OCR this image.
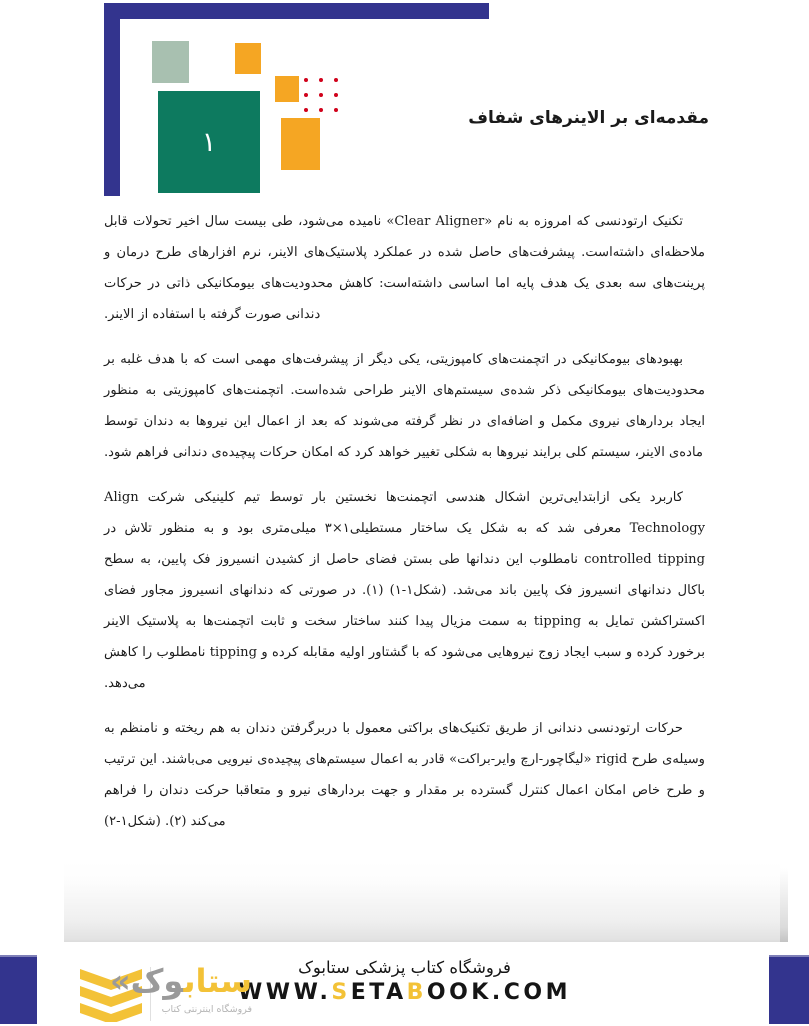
۱
مقدمه‌ای بر الاینرهای شفاف

تکنیک ارتودنسی که امروزه به نام «Clear Aligner» نامیده می‌شود، طی بیست سال اخیر تحولات قابل ملاحظه‌ای داشته‌است. پیشرفت‌های حاصل شده در عملکرد پلاستیک‌های الاینر، نرم افزارهای طرح درمان و پرینت‌های سه بعدی یک هدف پایه اما اساسی داشته‌است: کاهش محدودیت‌های بیومکانیکی ذاتی در حرکات دندانی صورت گرفته با استفاده از الاینر.

بهبودهای بیومکانیکی در اتچمنت‌های کامپوزیتی، یکی دیگر از پیشرفت‌های مهمی است که با هدف غلبه بر محدودیت‌های بیومکانیکی ذکر شده‌ی سیستم‌های الاینر طراحی شده‌است. اتچمنت‌های کامپوزیتی به منظور ایجاد بردارهای نیروی مکمل و اضافه‌ای در نظر گرفته می‌شوند که بعد از اعمال این نیروها به دندان توسط ماده‌ی الاینر، سیستم کلی برایند نیروها به شکلی تغییر خواهد کرد که امکان حرکات پیچیده‌ی دندانی فراهم شود.

کاربرد یکی ازابتدایی‌ترین اشکال هندسی اتچمنت‌ها نخستین بار توسط تیم کلینیکی شرکت Align Technology معرفی شد که به شکل یک ساختار مستطیلی۱×۳ میلی‌متری بود و به منظور تلاش در controlled tipping نامطلوب این دندانها طی بستن فضای حاصل از کشیدن انسیروز فک پایین، به سطح باکال دندانهای انسیروز فک پایین باند می‌شد. (شکل۱-۱) (۱). در صورتی که دندانهای انسیروز مجاور فضای اکستراکشن تمایل به tipping به سمت مزیال پیدا کنند ساختار سخت و ثابت اتچمنت‌ها به پلاستیک الاینر برخورد کرده و سبب ایجاد زوج نیروهایی می‌شود که با گشتاور اولیه مقابله کرده و tipping نامطلوب را کاهش می‌دهد.

حرکات ارتودنسی دندانی از طریق تکنیک‌های براکتی معمول با دربرگرفتن دندان به هم ریخته و نامنظم به وسیله‌ی طرح rigid «لیگاچور-ارچ وایر-براکت» قادر به اعمال سیستم‌های پیچیده‌ی نیرویی می‌باشند. این ترتیب و طرح خاص امکان اعمال کنترل گسترده بر مقدار و جهت بردارهای نیرو و متعاقبا حرکت دندان را فراهم می‌کند (۲). (شکل۱-۲)

فروشگاه کتاب پزشکی ستابوک
WWW.SETABOOK.COM
ستابوک»
فروشگاه اینترنتی کتاب
